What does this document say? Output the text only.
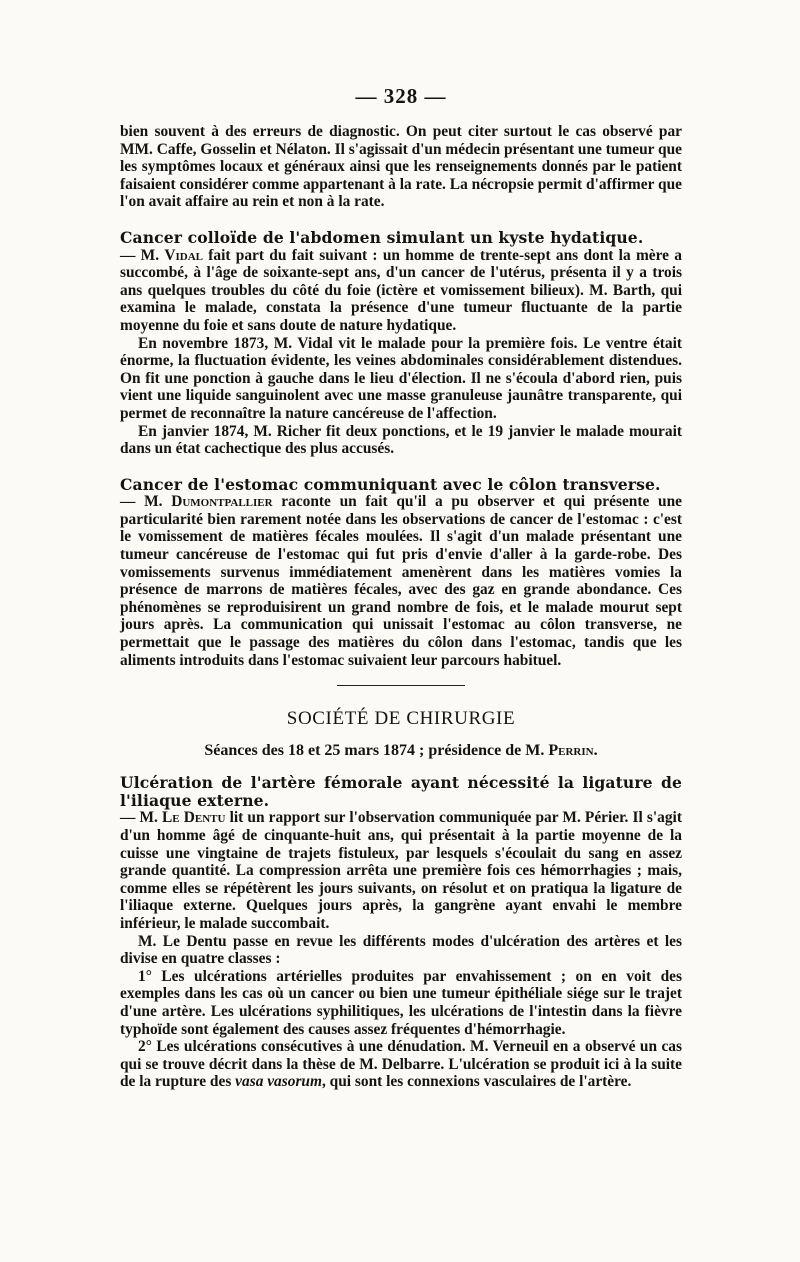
— 328 —

bien souvent à des erreurs de diagnostic. On peut citer surtout le cas observé par MM. Caffe, Gosselin et Nélaton. Il s'agissait d'un médecin présentant une tumeur que les symptômes locaux et généraux ainsi que les renseignements donnés par le patient faisaient considérer comme appartenant à la rate. La nécropsie permit d'affirmer que l'on avait affaire au rein et non à la rate.

Cancer colloïde de l'abdomen simulant un kyste hydatique.
— M. Vidal fait part du fait suivant : un homme de trente-sept ans dont la mère a succombé, à l'âge de soixante-sept ans, d'un cancer de l'utérus, présenta il y a trois ans quelques troubles du côté du foie (ictère et vomissement bilieux). M. Barth, qui examina le malade, constata la présence d'une tumeur fluctuante de la partie moyenne du foie et sans doute de nature hydatique.

En novembre 1873, M. Vidal vit le malade pour la première fois. Le ventre était énorme, la fluctuation évidente, les veines abdominales considérablement distendues. On fit une ponction à gauche dans le lieu d'élection. Il ne s'écoula d'abord rien, puis vient une liquide sanguinolent avec une masse granuleuse jaunâtre transparente, qui permet de reconnaître la nature cancéreuse de l'affection.

En janvier 1874, M. Richer fit deux ponctions, et le 19 janvier le malade mourait dans un état cachectique des plus accusés.

Cancer de l'estomac communiquant avec le côlon transverse.
— M. Dumontpallier raconte un fait qu'il a pu observer et qui présente une particularité bien rarement notée dans les observations de cancer de l'estomac : c'est le vomissement de matières fécales moulées. Il s'agit d'un malade présentant une tumeur cancéreuse de l'estomac qui fut pris d'envie d'aller à la garde-robe. Des vomissements survenus immédiatement amenèrent dans les matières vomies la présence de marrons de matières fécales, avec des gaz en grande abondance. Ces phénomènes se reproduisirent un grand nombre de fois, et le malade mourut sept jours après. La communication qui unissait l'estomac au côlon transverse, ne permettait que le passage des matières du côlon dans l'estomac, tandis que les aliments introduits dans l'estomac suivaient leur parcours habituel.

SOCIÉTÉ DE CHIRURGIE
Séances des 18 et 25 mars 1874 ; présidence de M. Perrin.

Ulcération de l'artère fémorale ayant nécessité la ligature de l'iliaque externe.
— M. Le Dentu lit un rapport sur l'observation communiquée par M. Périer. Il s'agit d'un homme âgé de cinquante-huit ans, qui présentait à la partie moyenne de la cuisse une vingtaine de trajets fistuleux, par lesquels s'écoulait du sang en assez grande quantité. La compression arrêta une première fois ces hémorrhagies ; mais, comme elles se répétèrent les jours suivants, on résolut et on pratiqua la ligature de l'iliaque externe. Quelques jours après, la gangrène ayant envahi le membre inférieur, le malade succombait.

M. Le Dentu passe en revue les différents modes d'ulcération des artères et les divise en quatre classes :

1° Les ulcérations artérielles produites par envahissement ; on en voit des exemples dans les cas où un cancer ou bien une tumeur épithéliale siége sur le trajet d'une artère. Les ulcérations syphilitiques, les ulcérations de l'intestin dans la fièvre typhoïde sont également des causes assez fréquentes d'hémorrhagie.

2° Les ulcérations consécutives à une dénudation. M. Verneuil en a observé un cas qui se trouve décrit dans la thèse de M. Delbarre. L'ulcération se produit ici à la suite de la rupture des vasa vasorum, qui sont les connexions vasculaires de l'artère.
